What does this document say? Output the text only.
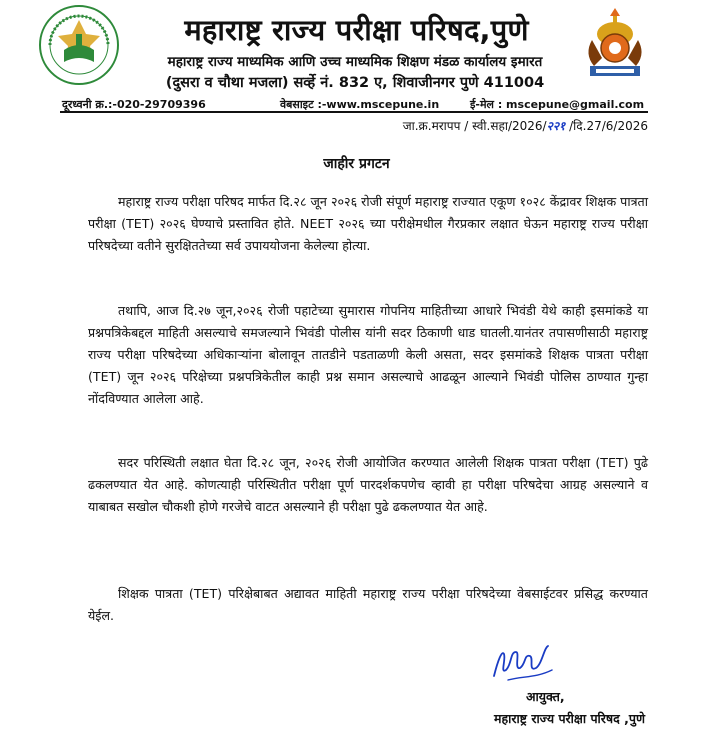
महाराष्ट्र राज्य परीक्षा परिषद,पुणे
महाराष्ट्र राज्य माध्यमिक आणि उच्च माध्यमिक शिक्षण मंडळ कार्यालय इमारत
(दुसरा व चौथा मजला) सर्व्हे नं. 832 ए, शिवाजीनगर पुणे 411004
दूरध्वनी क्र.:-020-29709396	वेबसाइट :-www.mscepune.in	ई-मेल : mscepune@gmail.com
जा.क्र.मरापप / स्वी.सहा/2026/२२१ /दि.27/6/2026
जाहीर प्रगटन

महाराष्ट्र राज्य परीक्षा परिषद मार्फत दि.२८ जून २०२६ रोजी संपूर्ण महाराष्ट्र राज्यात एकूण १०२८ केंद्रावर शिक्षक पात्रता परीक्षा (TET) २०२६ घेण्याचे प्रस्तावित होते. NEET २०२६ च्या परीक्षेमधील गैरप्रकार लक्षात घेऊन महाराष्ट्र राज्य परीक्षा परिषदेच्या वतीने सुरक्षिततेच्या सर्व उपाययोजना केलेल्या होत्या.

तथापि, आज दि.२७ जून,२०२६ रोजी पहाटेच्या सुमारास गोपनिय माहितीच्या आधारे भिवंडी येथे काही इसमांकडे या प्रश्नपत्रिकेबद्दल माहिती असल्याचे समजल्याने भिवंडी पोलीस यांनी सदर ठिकाणी धाड घातली.यानंतर तपासणीसाठी महाराष्ट्र राज्य परीक्षा परिषदेच्या अधिकाऱ्यांना बोलावून तातडीने पडताळणी केली असता, सदर इसमांकडे शिक्षक पात्रता परीक्षा (TET) जून २०२६ परिक्षेच्या प्रश्नपत्रिकेतील काही प्रश्न समान असल्याचे आढळून आल्याने भिवंडी पोलिस ठाण्यात गुन्हा नोंदविण्यात आलेला आहे.

सदर परिस्थिती लक्षात घेता दि.२८ जून, २०२६ रोजी आयोजित करण्यात आलेली शिक्षक पात्रता परीक्षा (TET) पुढे ढकलण्यात येत आहे. कोणत्याही परिस्थितीत परीक्षा पूर्ण पारदर्शकपणेच व्हावी हा परीक्षा परिषदेचा आग्रह असल्याने व याबाबत सखोल चौकशी होणे गरजेचे वाटत असल्याने ही परीक्षा पुढे ढकलण्यात येत आहे.

शिक्षक पात्रता (TET) परिक्षेबाबत अद्यावत माहिती महाराष्ट्र राज्य परीक्षा परिषदेच्या वेबसाईटवर प्रसिद्ध करण्यात येईल.

आयुक्त,
महाराष्ट्र राज्य परीक्षा परिषद ,पुणे
